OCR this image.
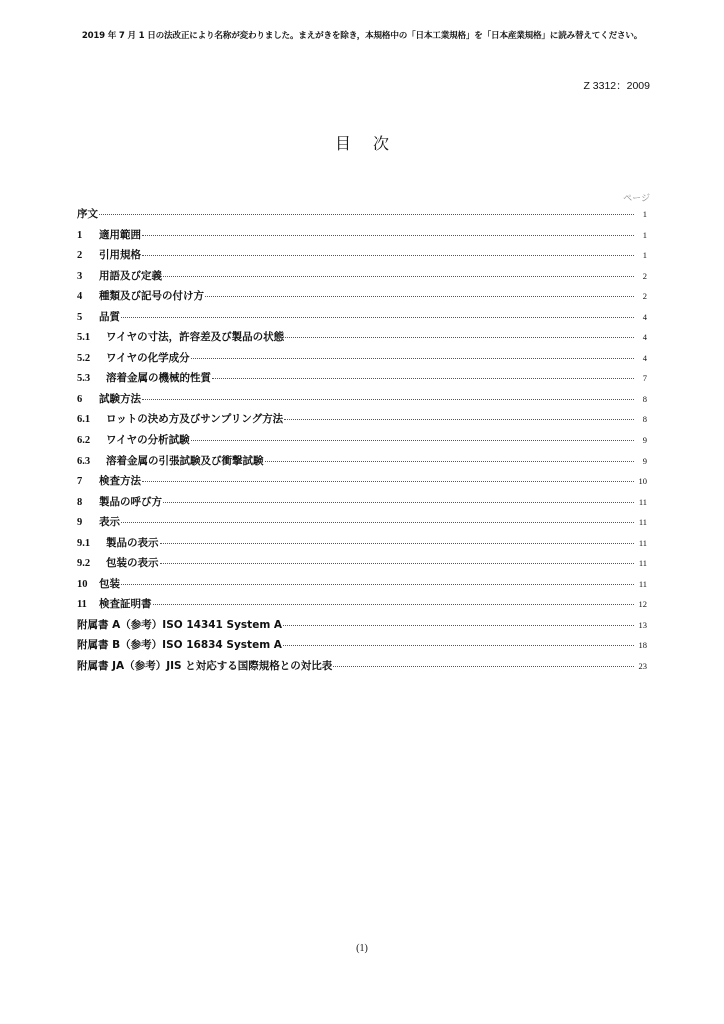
2019 年 7 月 1 日の法改正により名称が変わりました。まえがきを除き，本規格中の「日本工業規格」を「日本産業規格」に読み替えてください。
Z 3312：2009
目次
ページ
序文	1
1	適用範囲	1
2	引用規格	1
3	用語及び定義	2
4	種類及び記号の付け方	2
5	品質	4
5.1	ワイヤの寸法，許容差及び製品の状態	4
5.2	ワイヤの化学成分	4
5.3	溶着金属の機械的性質	7
6	試験方法	8
6.1	ロットの決め方及びサンプリング方法	8
6.2	ワイヤの分析試験	9
6.3	溶着金属の引張試験及び衝撃試験	9
7	検査方法	10
8	製品の呼び方	11
9	表示	11
9.1	製品の表示	11
9.2	包装の表示	11
10	包装	11
11	検査証明書	12
附属書 A（参考）ISO 14341 System A	13
附属書 B（参考）ISO 16834 System A	18
附属書 JA（参考）JIS と対応する国際規格との対比表	23
(1)
